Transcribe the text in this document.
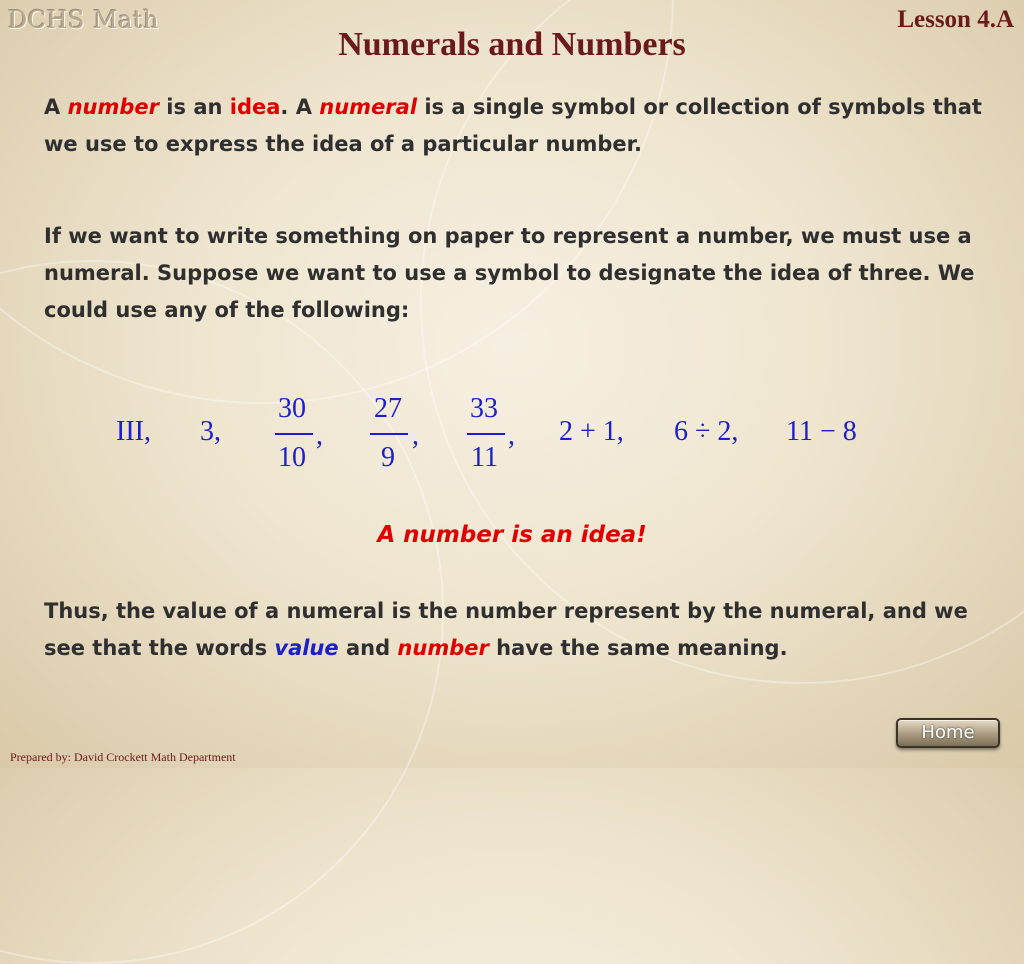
DCHS Math	Lesson 4.A
Numerals and Numbers
A number is an idea. A numeral is a single symbol or collection of symbols that we use to express the idea of a particular number.
If we want to write something on paper to represent a number, we must use a numeral. Suppose we want to use a symbol to designate the idea of three. We could use any of the following:
III, 3,
30
10
,
27
9
,
33
11
, 2 + 1, 6 ÷ 2, 11 − 8
A number is an idea!
Thus, the value of a numeral is the number represent by the numeral, and we see that the words value and number have the same meaning.
Prepared by: David Crockett Math Department
Home
